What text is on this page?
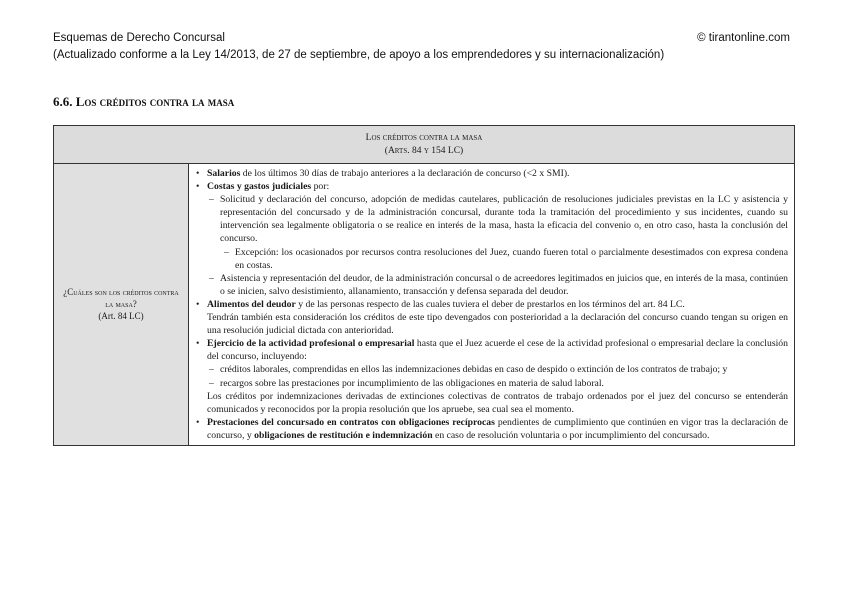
Esquemas de Derecho Concursal	© tirantonline.com
(Actualizado conforme a la Ley 14/2013, de 27 de septiembre, de apoyo a los emprendedores y su internacionalización)
6.6. Los créditos contra la masa
Los créditos contra la masa
(Arts. 84 y 154 LC)

¿Cuáles son los créditos contra la masa?
(Art. 84 LC)

• Salarios de los últimos 30 días de trabajo anteriores a la declaración de concurso (<2 x SMI).
• Costas y gastos judiciales por:
– Solicitud y declaración del concurso, adopción de medidas cautelares, publicación de resoluciones judiciales previstas en la LC y asistencia y representación del concursado y de la administración concursal, durante toda la tramitación del procedimiento y sus incidentes, cuando su intervención sea legalmente obligatoria o se realice en interés de la masa, hasta la eficacia del convenio o, en otro caso, hasta la conclusión del concurso.
– Excepción: los ocasionados por recursos contra resoluciones del Juez, cuando fueren total o parcialmente desestimados con expresa condena en costas.
– Asistencia y representación del deudor, de la administración concursal o de acreedores legitimados en juicios que, en interés de la masa, continúen o se inicien, salvo desistimiento, allanamiento, transacción y defensa separada del deudor.
• Alimentos del deudor y de las personas respecto de las cuales tuviera el deber de prestarlos en los términos del art. 84 LC.
Tendrán también esta consideración los créditos de este tipo devengados con posterioridad a la declaración del concurso cuando tengan su origen en una resolución judicial dictada con anterioridad.
• Ejercicio de la actividad profesional o empresarial hasta que el Juez acuerde el cese de la actividad profesional o empresarial declare la conclusión del concurso, incluyendo:
– créditos laborales, comprendidas en ellos las indemnizaciones debidas en caso de despido o extinción de los contratos de trabajo; y
– recargos sobre las prestaciones por incumplimiento de las obligaciones en materia de salud laboral.
Los créditos por indemnizaciones derivadas de extinciones colectivas de contratos de trabajo ordenados por el juez del concurso se entenderán comunicados y reconocidos por la propia resolución que los apruebe, sea cual sea el momento.
• Prestaciones del concursado en contratos con obligaciones recíprocas pendientes de cumplimiento que continúen en vigor tras la declaración de concurso, y obligaciones de restitución e indemnización en caso de resolución voluntaria o por incumplimiento del concursado.
